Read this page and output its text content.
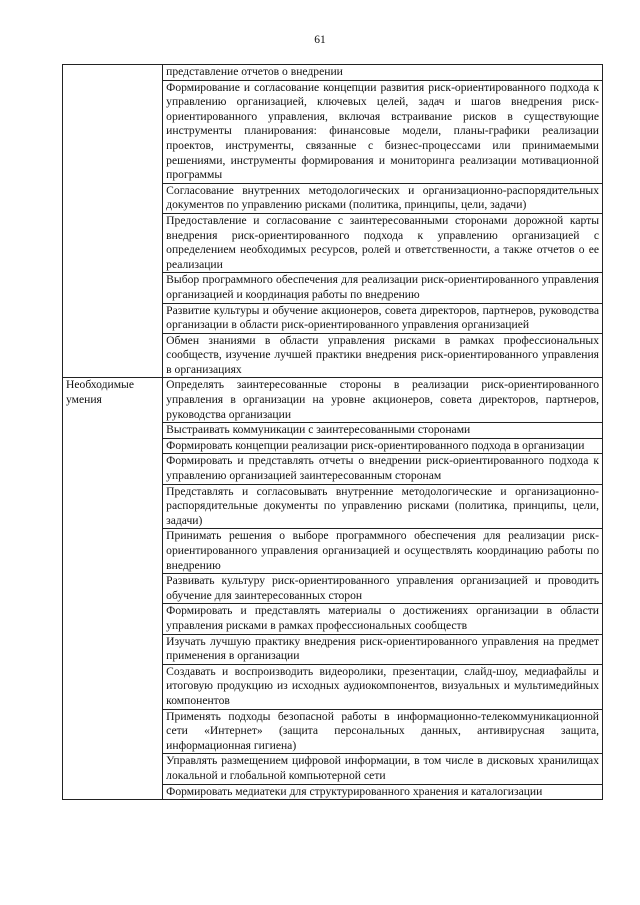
61
	представление отчетов о внедрении
	Формирование и согласование концепции развития риск-ориентированного подхода к управлению организацией, ключевых целей, задач и шагов внедрения риск-ориентированного управления, включая встраивание рисков в существующие инструменты планирования: финансовые модели, планы-графики реализации проектов, инструменты, связанные с бизнес-процессами или принимаемыми решениями, инструменты формирования и мониторинга реализации мотивационной программы
	Согласование внутренних методологических и организационно-распорядительных документов по управлению рисками (политика, принципы, цели, задачи)
	Предоставление и согласование с заинтересованными сторонами дорожной карты внедрения риск-ориентированного подхода к управлению организацией с определением необходимых ресурсов, ролей и ответственности, а также отчетов о ее реализации
	Выбор программного обеспечения для реализации риск-ориентированного управления организацией и координация работы по внедрению
	Развитие культуры и обучение акционеров, совета директоров, партнеров, руководства организации в области риск-ориентированного управления организацией
	Обмен знаниями в области управления рисками в рамках профессиональных сообществ, изучение лучшей практики внедрения риск-ориентированного управления в организациях
Необходимые умения	Определять заинтересованные стороны в реализации риск-ориентированного управления в организации на уровне акционеров, совета директоров, партнеров, руководства организации
	Выстраивать коммуникации с заинтересованными сторонами
	Формировать концепции реализации риск-ориентированного подхода в организации
	Формировать и представлять отчеты о внедрении риск-ориентированного подхода к управлению организацией заинтересованным сторонам
	Представлять и согласовывать внутренние методологические и организационно-распорядительные документы по управлению рисками (политика, принципы, цели, задачи)
	Принимать решения о выборе программного обеспечения для реализации риск-ориентированного управления организацией и осуществлять координацию работы по внедрению
	Развивать культуру риск-ориентированного управления организацией и проводить обучение для заинтересованных сторон
	Формировать и представлять материалы о достижениях организации в области управления рисками в рамках профессиональных сообществ
	Изучать лучшую практику внедрения риск-ориентированного управления на предмет применения в организации
	Создавать и воспроизводить видеоролики, презентации, слайд-шоу, медиафайлы и итоговую продукцию из исходных аудиокомпонентов, визуальных и мультимедийных компонентов
	Применять подходы безопасной работы в информационно-телекоммуникационной сети «Интернет» (защита персональных данных, антивирусная защита, информационная гигиена)
	Управлять размещением цифровой информации, в том числе в дисковых хранилищах локальной и глобальной компьютерной сети
	Формировать медиатеки для структурированного хранения и каталогизации
